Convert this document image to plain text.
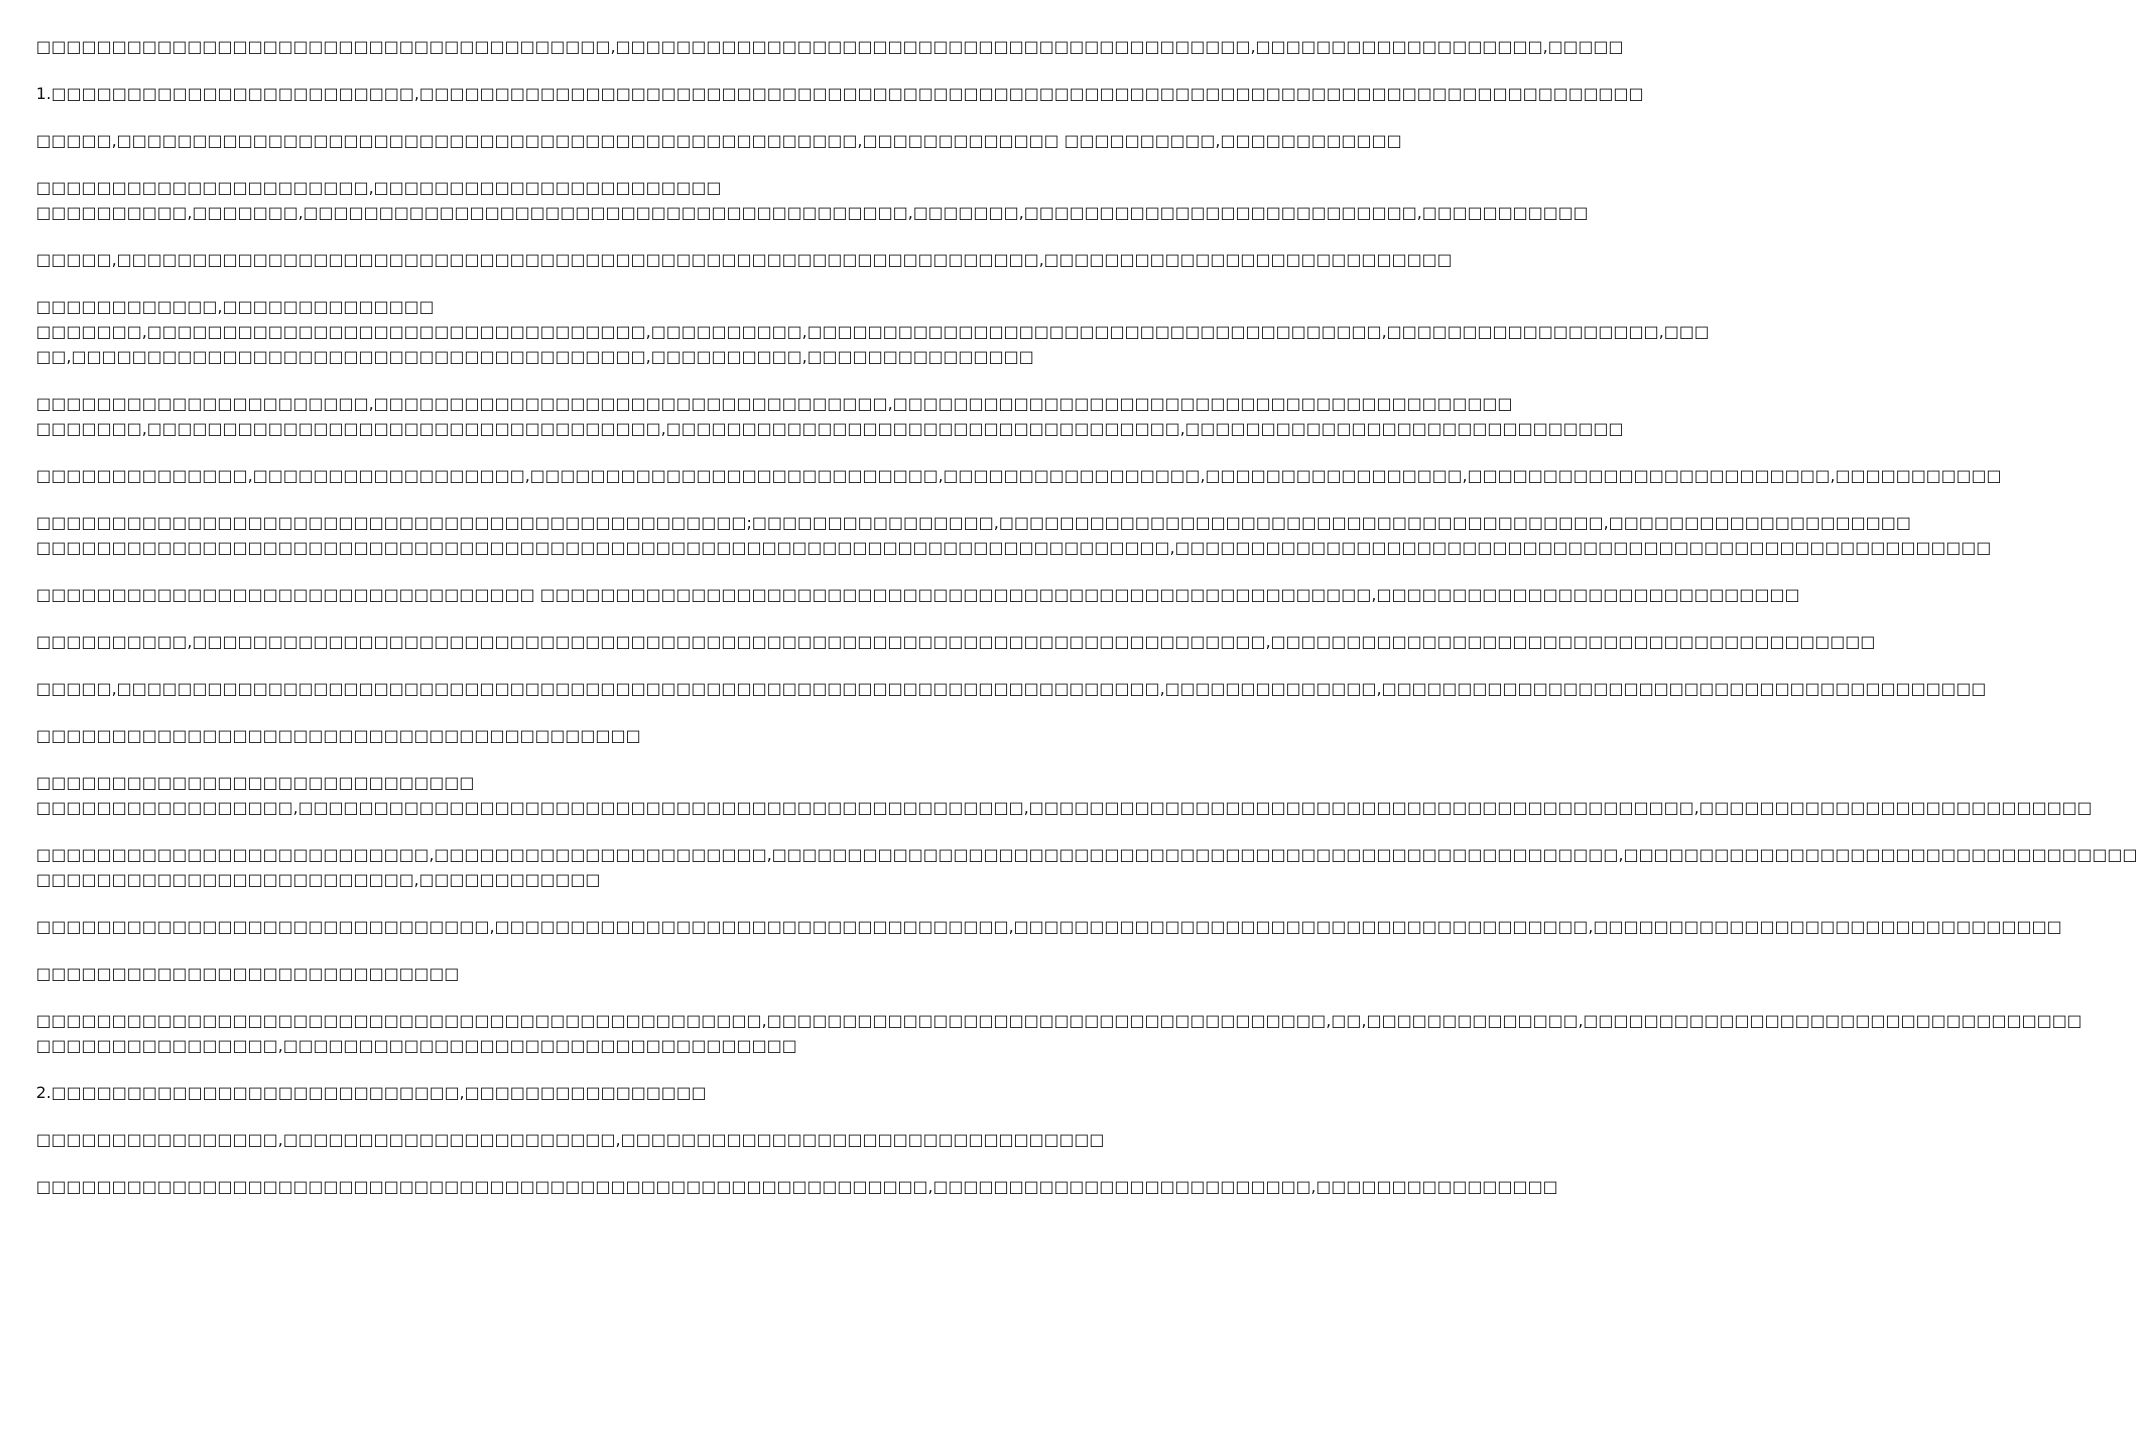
□□□□□□□□□□□□□□□□□□□□□□□□□□□□□□□□□□□□□□,□□□□□□□□□□□□□□□□□□□□□□□□□□□□□□□□□□□□□□□□□□,□□□□□□□□□□□□□□□□□□□,□□□□□

1.□□□□□□□□□□□□□□□□□□□□□□□□,□□□□□□□□□□□□□□□□□□□□□□□□□□□□□□□□□□□□□□□□□□□□□□□□□□□□□□□□□□□□□□□□□□□□□□□□□□□□□□□□□

□□□□□,□□□□□□□□□□□□□□□□□□□□□□□□□□□□□□□□□□□□□□□□□□□□□□□□□,□□□□□□□□□□□□□ □□□□□□□□□□,□□□□□□□□□□□□

□□□□□□□□□□□□□□□□□□□□□□,□□□□□□□□□□□□□□□□□□□□□□□
□□□□□□□□□□,□□□□□□□,□□□□□□□□□□□□□□□□□□□□□□□□□□□□□□□□□□□□□□□□,□□□□□□□,□□□□□□□□□□□□□□□□□□□□□□□□□□,□□□□□□□□□□□

□□□□□,□□□□□□□□□□□□□□□□□□□□□□□□□□□□□□□□□□□□□□□□□□□□□□□□□□□□□□□□□□□□□,□□□□□□□□□□□□□□□□□□□□□□□□□□□

□□□□□□□□□□□□,□□□□□□□□□□□□□□
□□□□□□□,□□□□□□□□□□□□□□□□□□□□□□□□□□□□□□□□□,□□□□□□□□□□,□□□□□□□□□□□□□□□□□□□□□□□□□□□□□□□□□□□□□□,□□□□□□□□□□□□□□□□□□,□□□
□□,□□□□□□□□□□□□□□□□□□□□□□□□□□□□□□□□□□□□□□,□□□□□□□□□□,□□□□□□□□□□□□□□□

□□□□□□□□□□□□□□□□□□□□□□,□□□□□□□□□□□□□□□□□□□□□□□□□□□□□□□□□□,□□□□□□□□□□□□□□□□□□□□□□□□□□□□□□□□□□□□□□□□□
□□□□□□□,□□□□□□□□□□□□□□□□□□□□□□□□□□□□□□□□□□,□□□□□□□□□□□□□□□□□□□□□□□□□□□□□□□□□□,□□□□□□□□□□□□□□□□□□□□□□□□□□□□□

□□□□□□□□□□□□□□,□□□□□□□□□□□□□□□□□□,□□□□□□□□□□□□□□□□□□□□□□□□□□□,□□□□□□□□□□□□□□□□□,□□□□□□□□□□□□□□□□□,□□□□□□□□□□□□□□□□□□□□□□□□,□□□□□□□□□□□

□□□□□□□□□□□□□□□□□□□□□□□□□□□□□□□□□□□□□□□□□□□□□□□;□□□□□□□□□□□□□□□□,□□□□□□□□□□□□□□□□□□□□□□□□□□□□□□□□□□□□□□□□,□□□□□□□□□□□□□□□□□□□□
□□□□□□□□□□□□□□□□□□□□□□□□□□□□□□□□□□□□□□□□□□□□□□□□□□□□□□□□□□□□□□□□□□□□□□□□□□□,□□□□□□□□□□□□□□□□□□□□□□□□□□□□□□□□□□□□□□□□□□□□□□□□□□□□□□

□□□□□□□□□□□□□□□□□□□□□□□□□□□□□□□□□ □□□□□□□□□□□□□□□□□□□□□□□□□□□□□□□□□□□□□□□□□□□□□□□□□□□□□□□,□□□□□□□□□□□□□□□□□□□□□□□□□□□□

□□□□□□□□□□,□□□□□□□□□□□□□□□□□□□□□□□□□□□□□□□□□□□□□□□□□□□□□□□□□□□□□□□□□□□□□□□□□□□□□□□,□□□□□□□□□□□□□□□□□□□□□□□□□□□□□□□□□□□□□□□□

□□□□□,□□□□□□□□□□□□□□□□□□□□□□□□□□□□□□□□□□□□□□□□□□□□□□□□□□□□□□□□□□□□□□□□□□□□□,□□□□□□□□□□□□□□,□□□□□□□□□□□□□□□□□□□□□□□□□□□□□□□□□□□□□□□□

□□□□□□□□□□□□□□□□□□□□□□□□□□□□□□□□□□□□□□□□

□□□□□□□□□□□□□□□□□□□□□□□□□□□□□
□□□□□□□□□□□□□□□□□,□□□□□□□□□□□□□□□□□□□□□□□□□□□□□□□□□□□□□□□□□□□□□□□□,□□□□□□□□□□□□□□□□□□□□□□□□□□□□□□□□□□□□□□□□□□□□,□□□□□□□□□□□□□□□□□□□□□□□□□□

□□□□□□□□□□□□□□□□□□□□□□□□□□,□□□□□□□□□□□□□□□□□□□□□□,□□□□□□□□□□□□□□□□□□□□□□□□□□□□□□□□□□□□□□□□□□□□□□□□□□□□□□□□,□□□□□□□□□□□□□□□□□□□□□□□□□□□□□□□□□□
□□□□□□□□□□□□□□□□□□□□□□□□□,□□□□□□□□□□□□

□□□□□□□□□□□□□□□□□□□□□□□□□□□□□□,□□□□□□□□□□□□□□□□□□□□□□□□□□□□□□□□□□,□□□□□□□□□□□□□□□□□□□□□□□□□□□□□□□□□□□□□□,□□□□□□□□□□□□□□□□□□□□□□□□□□□□□□□

□□□□□□□□□□□□□□□□□□□□□□□□□□□□

□□□□□□□□□□□□□□□□□□□□□□□□□□□□□□□□□□□□□□□□□□□□□□□□,□□□□□□□□□□□□□□□□□□□□□□□□□□□□□□□□□□□□□,□□,□□□□□□□□□□□□□□,□□□□□□□□□□□□□□□□□□□□□□□□□□□□□□□□□
□□□□□□□□□□□□□□□□,□□□□□□□□□□□□□□□□□□□□□□□□□□□□□□□□□□

2.□□□□□□□□□□□□□□□□□□□□□□□□□□□,□□□□□□□□□□□□□□□□

□□□□□□□□□□□□□□□□,□□□□□□□□□□□□□□□□□□□□□□,□□□□□□□□□□□□□□□□□□□□□□□□□□□□□□□□

□□□□□□□□□□□□□□□□□□□□□□□□□□□□□□□□□□□□□□□□□□□□□□□□□□□□□□□□□□□,□□□□□□□□□□□□□□□□□□□□□□□□□,□□□□□□□□□□□□□□□□
